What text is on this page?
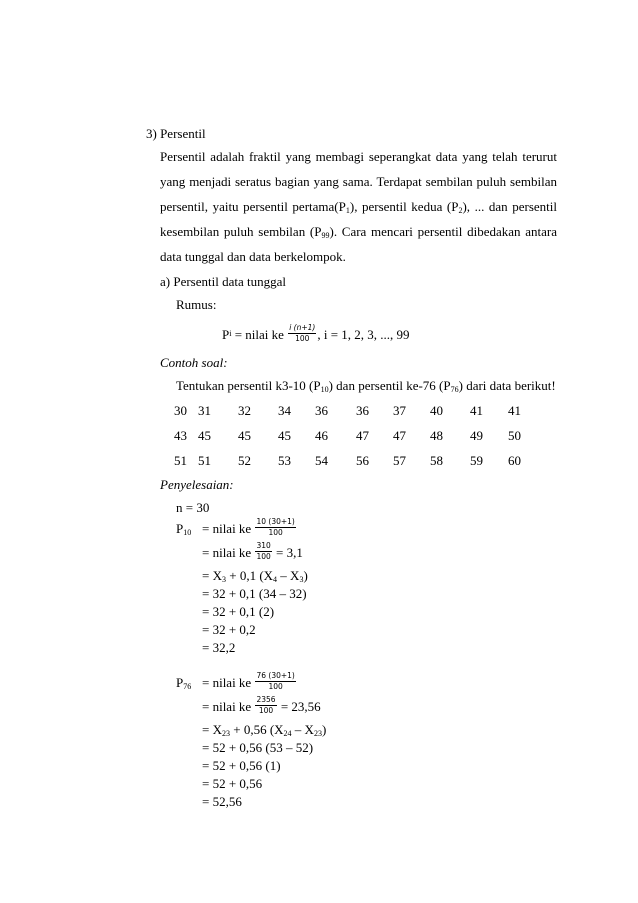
3) Persentil
Persentil adalah fraktil yang membagi seperangkat data yang telah terurut
yang menjadi seratus bagian yang sama. Terdapat sembilan puluh sembilan
persentil, yaitu persentil $pertama(P_1)$, persentil kedua $(P_2)$, ... dan persentil
kesembilan puluh sembilan $(P_{99})$. Cara mencari persentil dibedakan antara
data tunggal dan data berkelompok.
a) Persentil data tunggal
Rumus:
P i = nilai ke $\frac{i (n+1)}{100}$ , i = 1, 2, 3, ..., 99
Contoh soal:
Tentukan persentil k3-10 $(P_{10})$ dan persentil ke-76 $(P_{76})$ dari data berikut!
30 31 32 34 36 36 37 40 41 41
43 45 45 45 46 47 47 48 49 50
51 51 52 53 54 56 57 58 59 60
Penyelesaian:
n = 30
$P_{10}$ = nilai ke $\frac{10 (30+1)}{100}$
= nilai ke $\frac{310}{100} = 3,1$
= $X_3 + 0,1$ $(X_4 - X_3)$
= 32 + 0,1 (34 – 32)
= 32 + 0,1 (2)
= 32 + 0,2
= 32,2
$P_{76}$ = nilai ke $\frac{76 (30+1)}{100}$
= nilai ke $\frac{2356}{100} = 23,56$
= $X_{23} + 0,56$ $(X_{24} - X_{23})$
= 52 + 0,56 (53 – 52)
= 52 + 0,56 (1)
= 52 + 0,56
= 52,56
